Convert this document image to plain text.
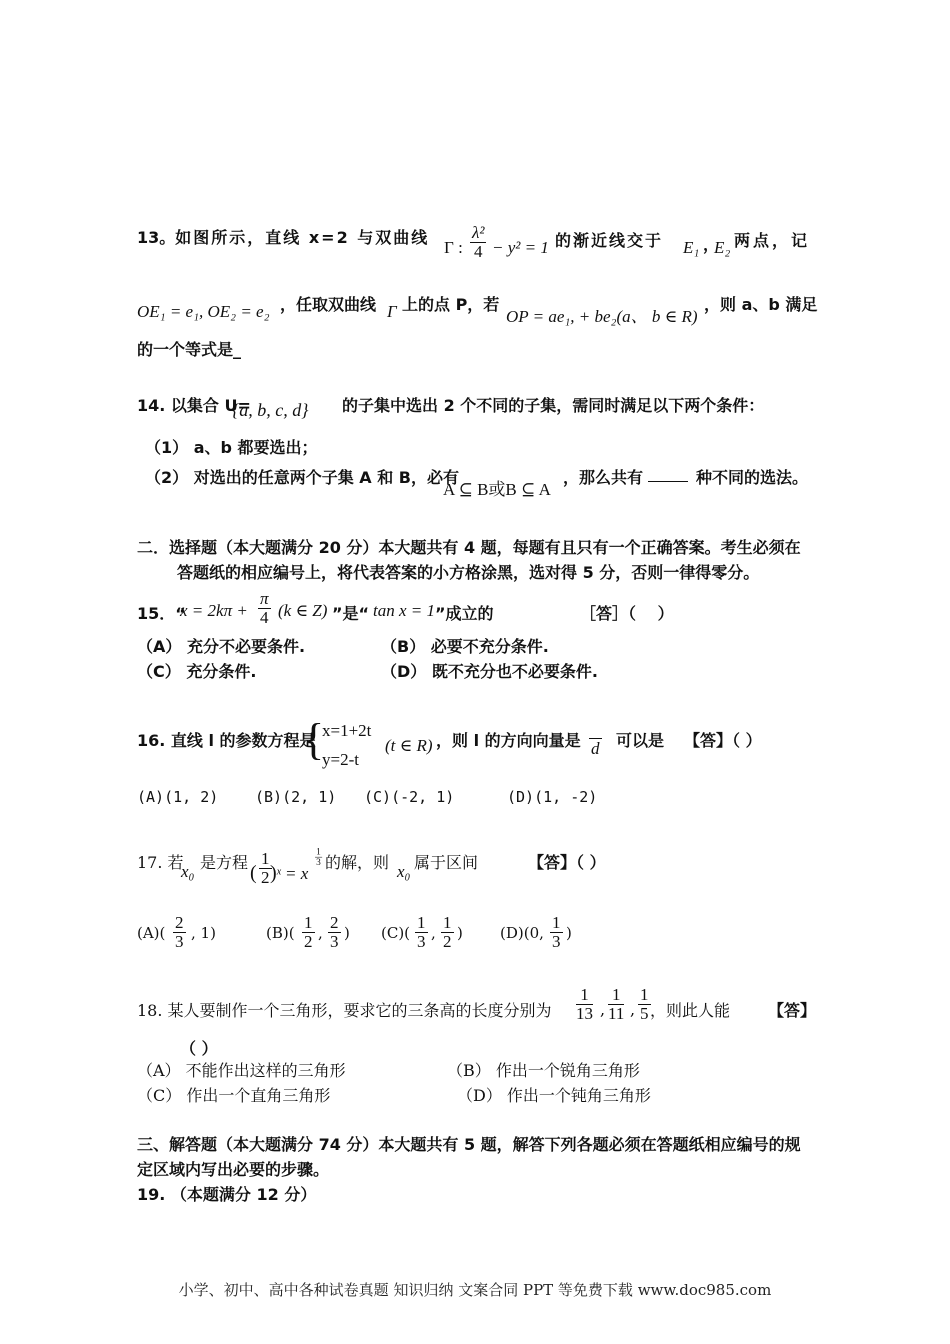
13。如图所示，直线 x=2 与双曲线
Γ : $\frac{\text{λ²}}{4} - y^2 = 1$ 的渐近线交于 E₁ ，
E₂ 两点，记
OE₁ = e₁, OE₂ = e₂ ，任取双曲线 Γ 上的点 P，若
OP = ae₁, + be₂(a、 b ∈ R)
，则 a、b 满足
的一个等式是_
14. 以集合 U=
{a, b, c, d} 的子集中选出 2 个不同的子集，需同时满足以下两个条件：
（1） a、b 都要选出；
（2） 对选出的任意两个子集 A 和 B，必有
A ⊆ B或B ⊆ A
，那么共有	种不同的选法。
二．选择题（本大题满分 20 分）本大题共有 4 题，每题有且只有一个正确答案。考生必须在
答题纸的相应编号上，将代表答案的小方格涂黑，选对得 5 分，否则一律得零分。
15．“
$x = 2k\pi + \frac{\pi}{4} (k$ ∈ Z) ”是“ tan x = 1 ”成立的	［答］（　 ）
（A） 充分不必要条件.	（B） 必要不充分条件.
（C） 充分条件.	（D） 既不充分也不必要条件.
16. 直线 l 的参数方程是
{
x=1+2t
y=2-t
(t ∈ R) ，则 l 的方向向量是 d 可以是 【答】（ ）
(A)(1, 2) (B)(2, 1) (C)(-2, 1)	(D)(1, -2)
17. 若
x₀ 是方程 ( $\frac{1}{2}$
) ˣ = x
$\frac{1}{3}$ 的解，则 x₀ 属于区间	【答】（ ）
$(A)( \frac{2}{3}$ , 1)	$(B)( \frac{1}{2}$ , $\frac{2}{3}$ ) $(C)( \frac{1}{3}$ , $\frac{1}{2}$ ) (D)(0, $\frac{1}{3}$ )
18. 某人要制作一个三角形，要求它的三条高的长度分别为 $\frac{1}{13}$ , $\frac{1}{11}$ , $\frac{1}{5}$ ，则此人能 【答】
（ ）
（A） 不能作出这样的三角形	（B） 作出一个锐角三角形
（C） 作出一个直角三角形	（D） 作出一个钝角三角形
三、解答题（本大题满分 74 分）本大题共有 5 题，解答下列各题必须在答题纸相应编号的规
定区域内写出必要的步骤。
19. （本题满分 12 分）
小学、初中、高中各种试卷真题 知识归纳 文案合同 PPT 等免费下载 www.doc985.com
